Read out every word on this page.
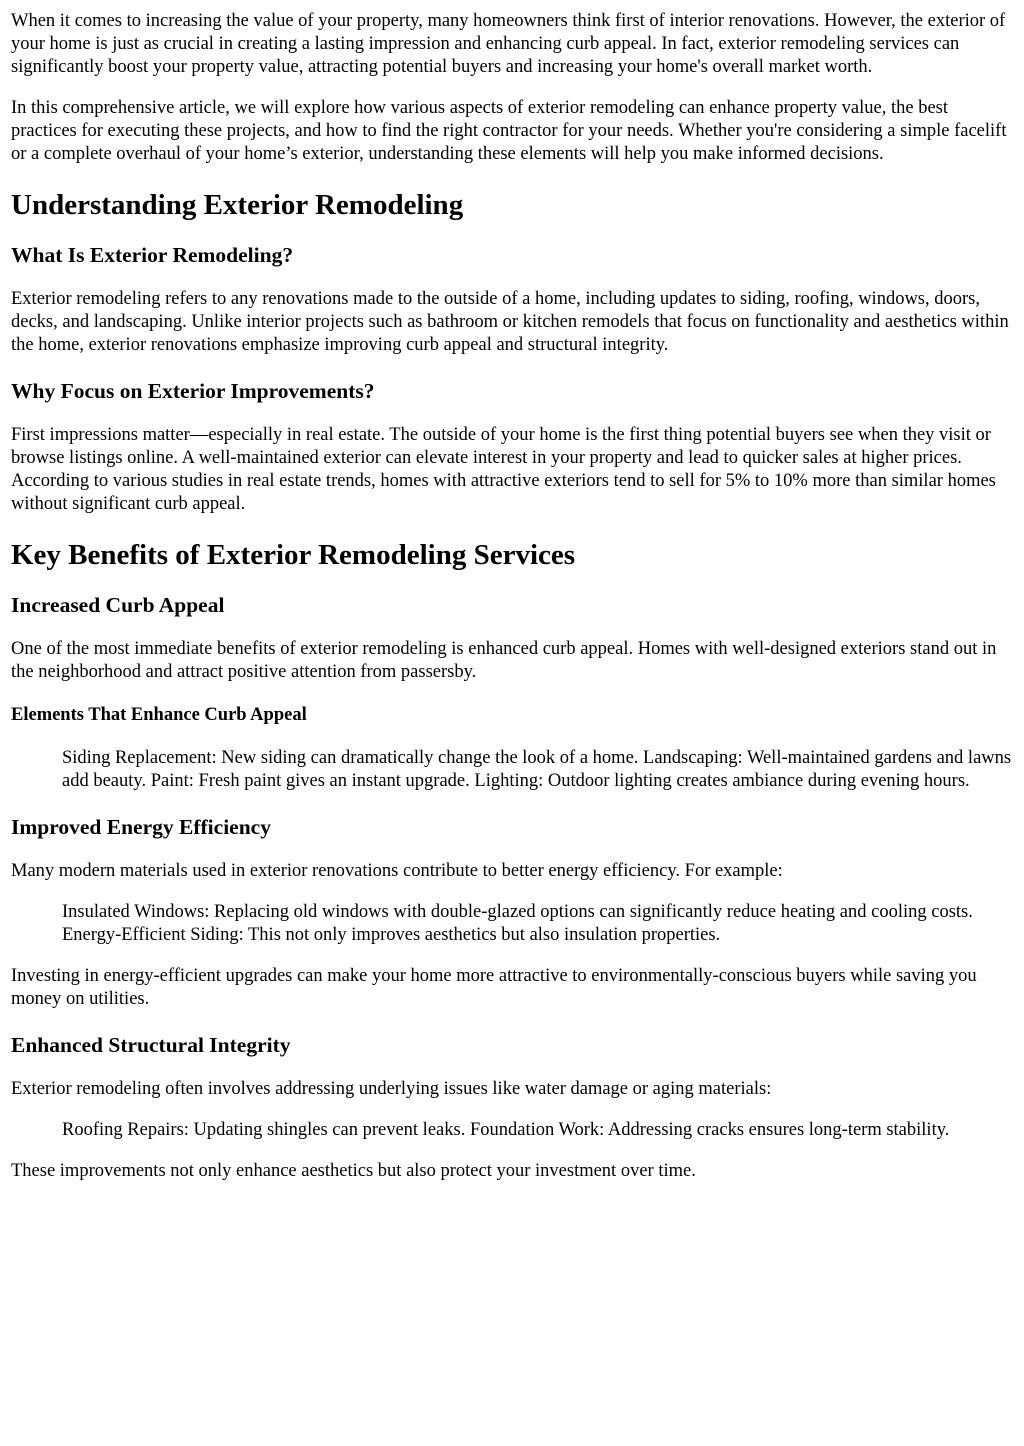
When it comes to increasing the value of your property, many homeowners think first of interior renovations. However, the exterior of your home is just as crucial in creating a lasting impression and enhancing curb appeal. In fact, exterior remodeling services can significantly boost your property value, attracting potential buyers and increasing your home's overall market worth.

In this comprehensive article, we will explore how various aspects of exterior remodeling can enhance property value, the best practices for executing these projects, and how to find the right contractor for your needs. Whether you're considering a simple facelift or a complete overhaul of your home’s exterior, understanding these elements will help you make informed decisions.

Understanding Exterior Remodeling
What Is Exterior Remodeling?

Exterior remodeling refers to any renovations made to the outside of a home, including updates to siding, roofing, windows, doors, decks, and landscaping. Unlike interior projects such as bathroom or kitchen remodels that focus on functionality and aesthetics within the home, exterior renovations emphasize improving curb appeal and structural integrity.

Why Focus on Exterior Improvements?

First impressions matter—especially in real estate. The outside of your home is the first thing potential buyers see when they visit or browse listings online. A well-maintained exterior can elevate interest in your property and lead to quicker sales at higher prices. According to various studies in real estate trends, homes with attractive exteriors tend to sell for 5% to 10% more than similar homes without significant curb appeal.

Key Benefits of Exterior Remodeling Services
Increased Curb Appeal

One of the most immediate benefits of exterior remodeling is enhanced curb appeal. Homes with well-designed exteriors stand out in the neighborhood and attract positive attention from passersby.

Elements That Enhance Curb Appeal
Siding Replacement: New siding can dramatically change the look of a home. Landscaping: Well-maintained gardens and lawns add beauty. Paint: Fresh paint gives an instant upgrade. Lighting: Outdoor lighting creates ambiance during evening hours.
Improved Energy Efficiency

Many modern materials used in exterior renovations contribute to better energy efficiency. For example:

Insulated Windows: Replacing old windows with double-glazed options can significantly reduce heating and cooling costs. Energy-Efficient Siding: This not only improves aesthetics but also insulation properties.

Investing in energy-efficient upgrades can make your home more attractive to environmentally-conscious buyers while saving you money on utilities.

Enhanced Structural Integrity

Exterior remodeling often involves addressing underlying issues like water damage or aging materials:

Roofing Repairs: Updating shingles can prevent leaks. Foundation Work: Addressing cracks ensures long-term stability.

These improvements not only enhance aesthetics but also protect your investment over time.
